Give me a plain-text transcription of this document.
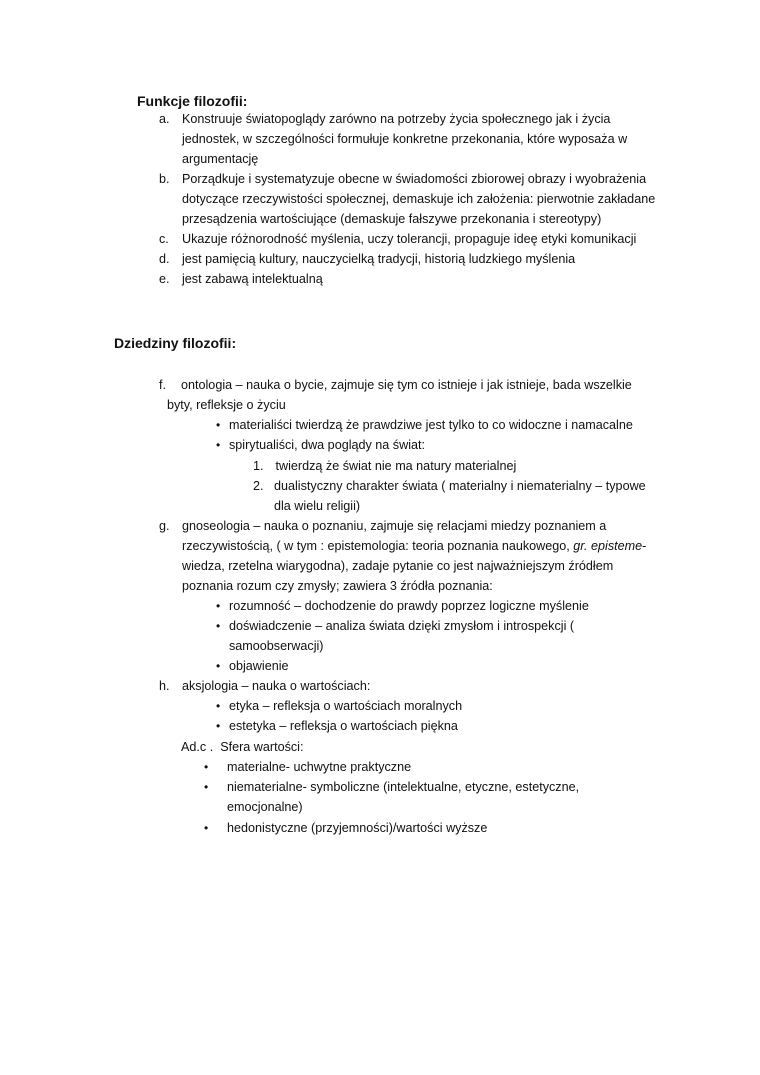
Funkcje filozofii:
a. Konstruuje światopoglądy zarówno na potrzeby życia społecznego jak i życia
jednostek, w szczególności formułuje konkretne przekonania, które wyposaża w
argumentację
b. Porządkuje i systematyzuje obecne w świadomości zbiorowej obrazy i wyobrażenia
dotyczące rzeczywistości społecznej, demaskuje ich założenia: pierwotnie zakładane
przesądzenia wartościujące (demaskuje fałszywe przekonania i stereotypy)
c. Ukazuje różnorodność myślenia, uczy tolerancji, propaguje ideę etyki komunikacji
d. jest pamięcią kultury, nauczycielką tradycji, historią ludzkiego myślenia
e. jest zabawą intelektualną
Dziedziny filozofii:
f. ontologia – nauka o bycie, zajmuje się tym co istnieje i jak istnieje, bada wszelkie
byty, refleksje o życiu
• materialiści twierdzą że prawdziwe jest tylko to co widoczne i namacalne
• spirytualiści, dwa poglądy na świat:
1. twierdzą że świat nie ma natury materialnej
2. dualistyczny charakter świata ( materialny i niematerialny – typowe
dla wielu religii)
g. gnoseologia – nauka o poznaniu, zajmuje się relacjami miedzy poznaniem a
rzeczywistością, ( w tym : epistemologia: teoria poznania naukowego, gr. episteme-
wiedza, rzetelna wiarygodna), zadaje pytanie co jest najważniejszym źródłem
poznania rozum czy zmysły; zawiera 3 źródła poznania:
• rozumność – dochodzenie do prawdy poprzez logiczne myślenie
• doświadczenie – analiza świata dzięki zmysłom i introspekcji (
samoobserwacji)
• objawienie
h. aksjologia – nauka o wartościach:
• etyka – refleksja o wartościach moralnych
• estetyka – refleksja o wartościach piękna
Ad.c .  Sfera wartości:
• materialne- uchwytne praktyczne
• niematerialne- symboliczne (intelektualne, etyczne, estetyczne,
emocjonalne)
• hedonistyczne (przyjemności)/wartości wyższe
